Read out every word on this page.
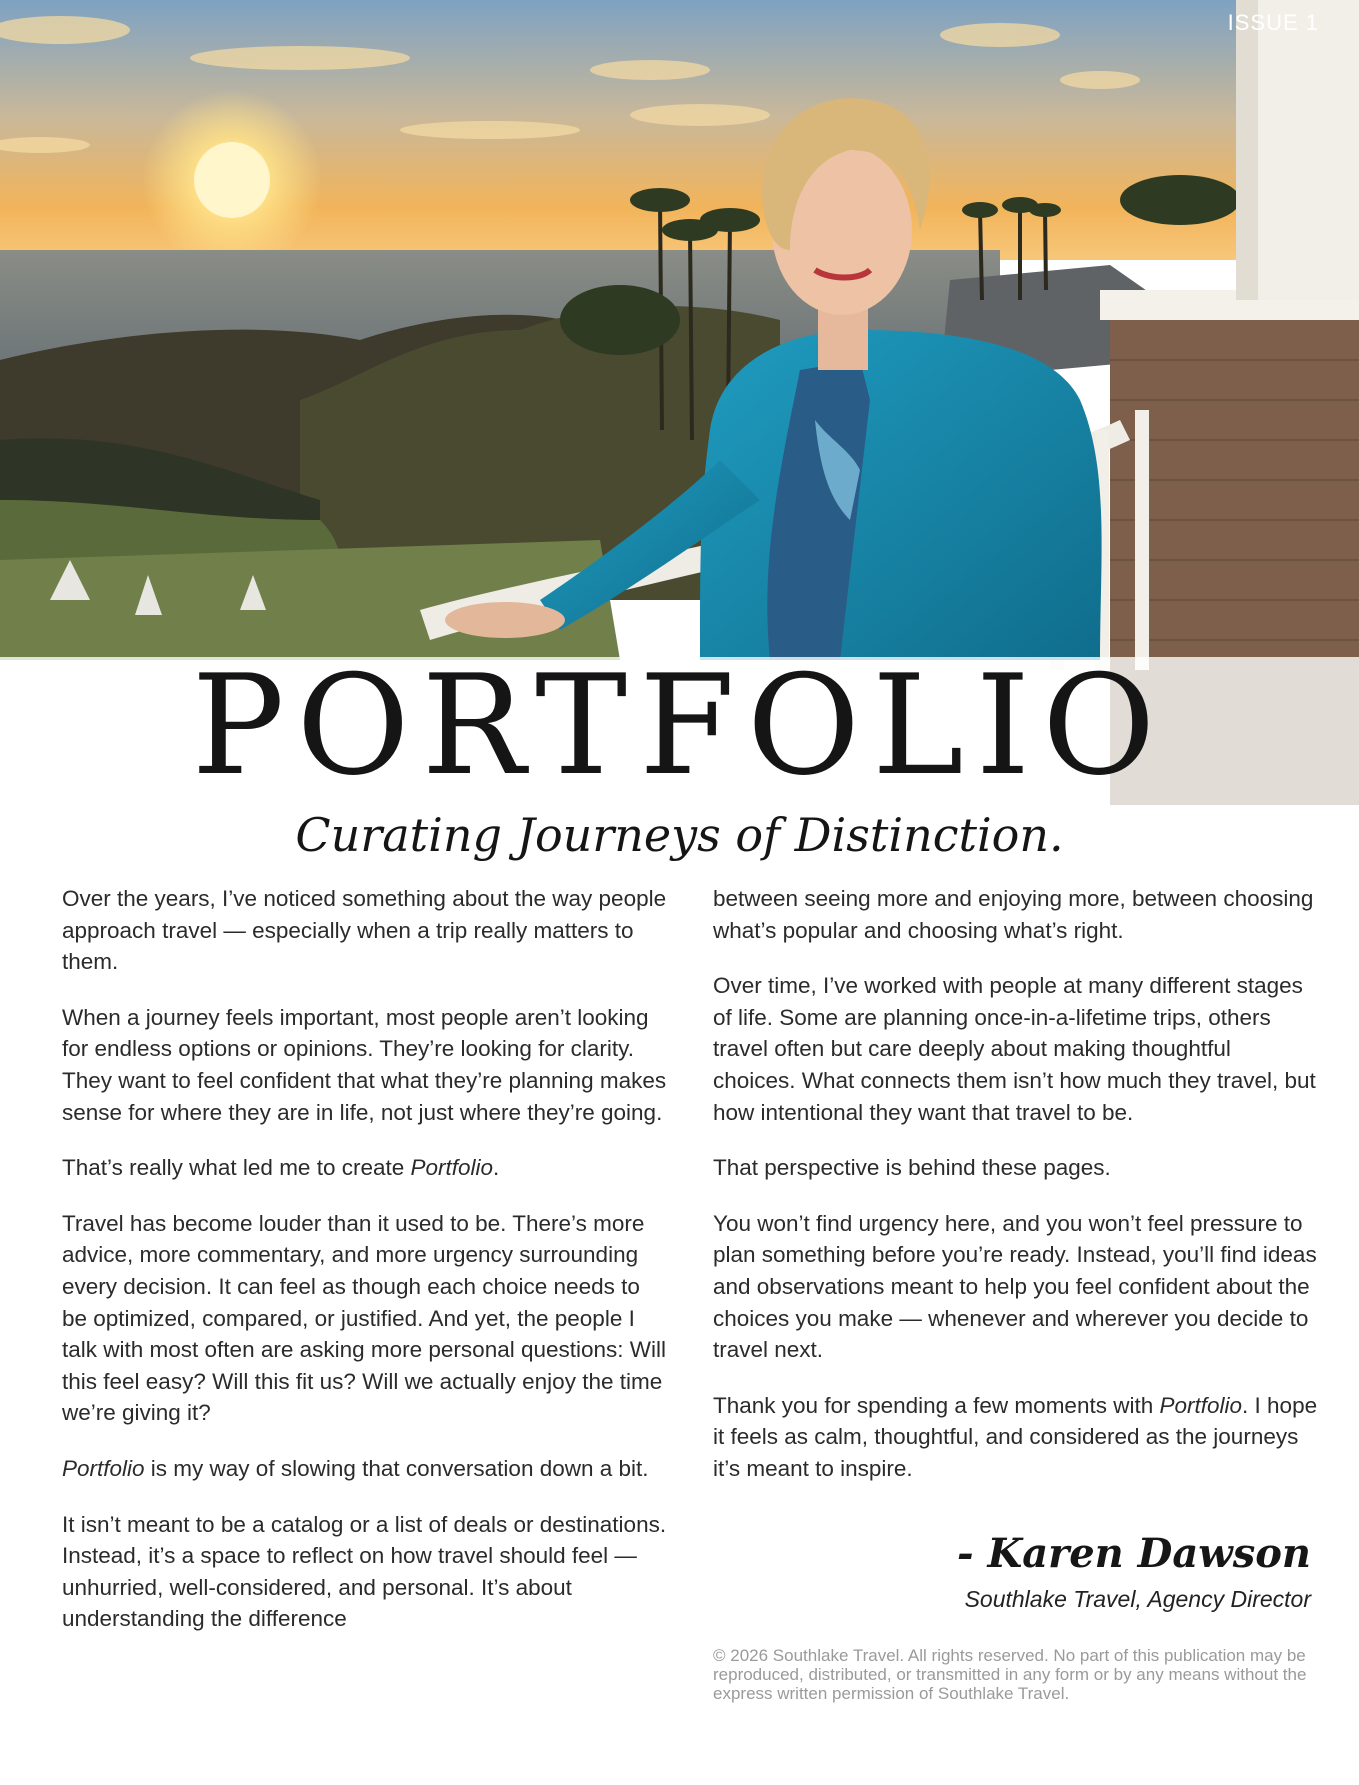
ISSUE 1
PORTFOLIO
Curating Journeys of Distinction.

Over the years, I’ve noticed something about the way people approach travel — especially when a trip really matters to them.

When a journey feels important, most people aren’t looking for endless options or opinions. They’re looking for clarity. They want to feel confident that what they’re planning makes sense for where they are in life, not just where they’re going.

That’s really what led me to create Portfolio.

Travel has become louder than it used to be. There’s more advice, more commentary, and more urgency surrounding every decision. It can feel as though each choice needs to be optimized, compared, or justified. And yet, the people I talk with most often are asking more personal questions: Will this feel easy? Will this fit us? Will we actually enjoy the time we’re giving it?

Portfolio is my way of slowing that conversation down a bit.

It isn’t meant to be a catalog or a list of deals or destinations. Instead, it’s a space to reflect on how travel should feel — unhurried, well-considered, and personal. It’s about understanding the difference

between seeing more and enjoying more, between choosing what’s popular and choosing what’s right.

Over time, I’ve worked with people at many different stages of life. Some are planning once-in-a-lifetime trips, others travel often but care deeply about making thoughtful choices. What connects them isn’t how much they travel, but how intentional they want that travel to be.

That perspective is behind these pages.

You won’t find urgency here, and you won’t feel pressure to plan something before you’re ready. Instead, you’ll find ideas and observations meant to help you feel confident about the choices you make — whenever and wherever you decide to travel next.

Thank you for spending a few moments with Portfolio. I hope it feels as calm, thoughtful, and considered as the journeys it’s meant to inspire.

- Karen Dawson
Southlake Travel, Agency Director
© 2026 Southlake Travel. All rights reserved. No part of this publication may be reproduced, distributed, or transmitted in any form or by any means without the express written permission of Southlake Travel.
